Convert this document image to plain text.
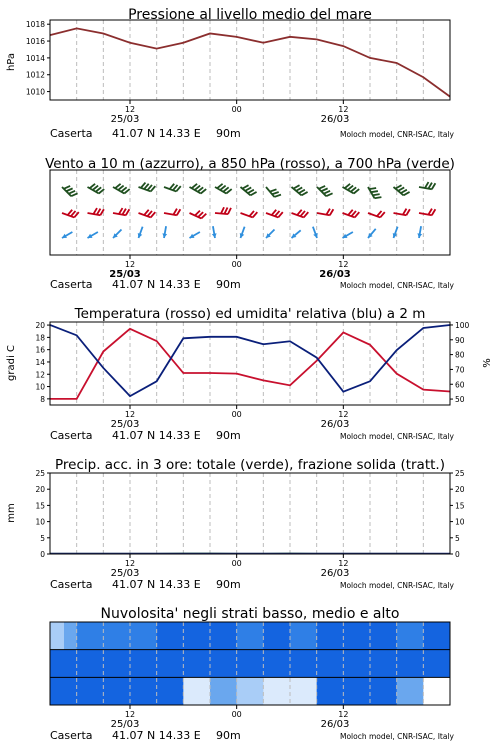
Pressione al livello medio del mare
Vento a 10 m (azzurro), a 850 hPa (rosso), a 700 hPa (verde)
Temperatura (rosso) ed umidita' relativa (blu) a 2 m
Precip. acc. in 3 ore: totale (verde), frazione solida (tratt.)
Nuvolosita' negli strati basso, medio e alto
hPa
gradi C	%
mm
1010
1012
1014
1016
1018
12	00	12
25/03	26/03
Caserta 41.07 N 14.33 E 90m	Moloch model, CNR-ISAC, Italy
12	00	12
25/03	26/03
Caserta 41.07 N 14.33 E 90m	Moloch model, CNR-ISAC, Italy
8
10
12
14
16
18
20
50
60
70
80
90
100
12	00	12
25/03	26/03
Caserta 41.07 N 14.33 E 90m	Moloch model, CNR-ISAC, Italy
0	0
5	5
10	10
15	15
20	20
25	25
12	00	12
25/03	26/03
Caserta 41.07 N 14.33 E 90m	Moloch model, CNR-ISAC, Italy
12	00	12
25/03	26/03
Caserta 41.07 N 14.33 E 90m	Moloch model, CNR-ISAC, Italy
